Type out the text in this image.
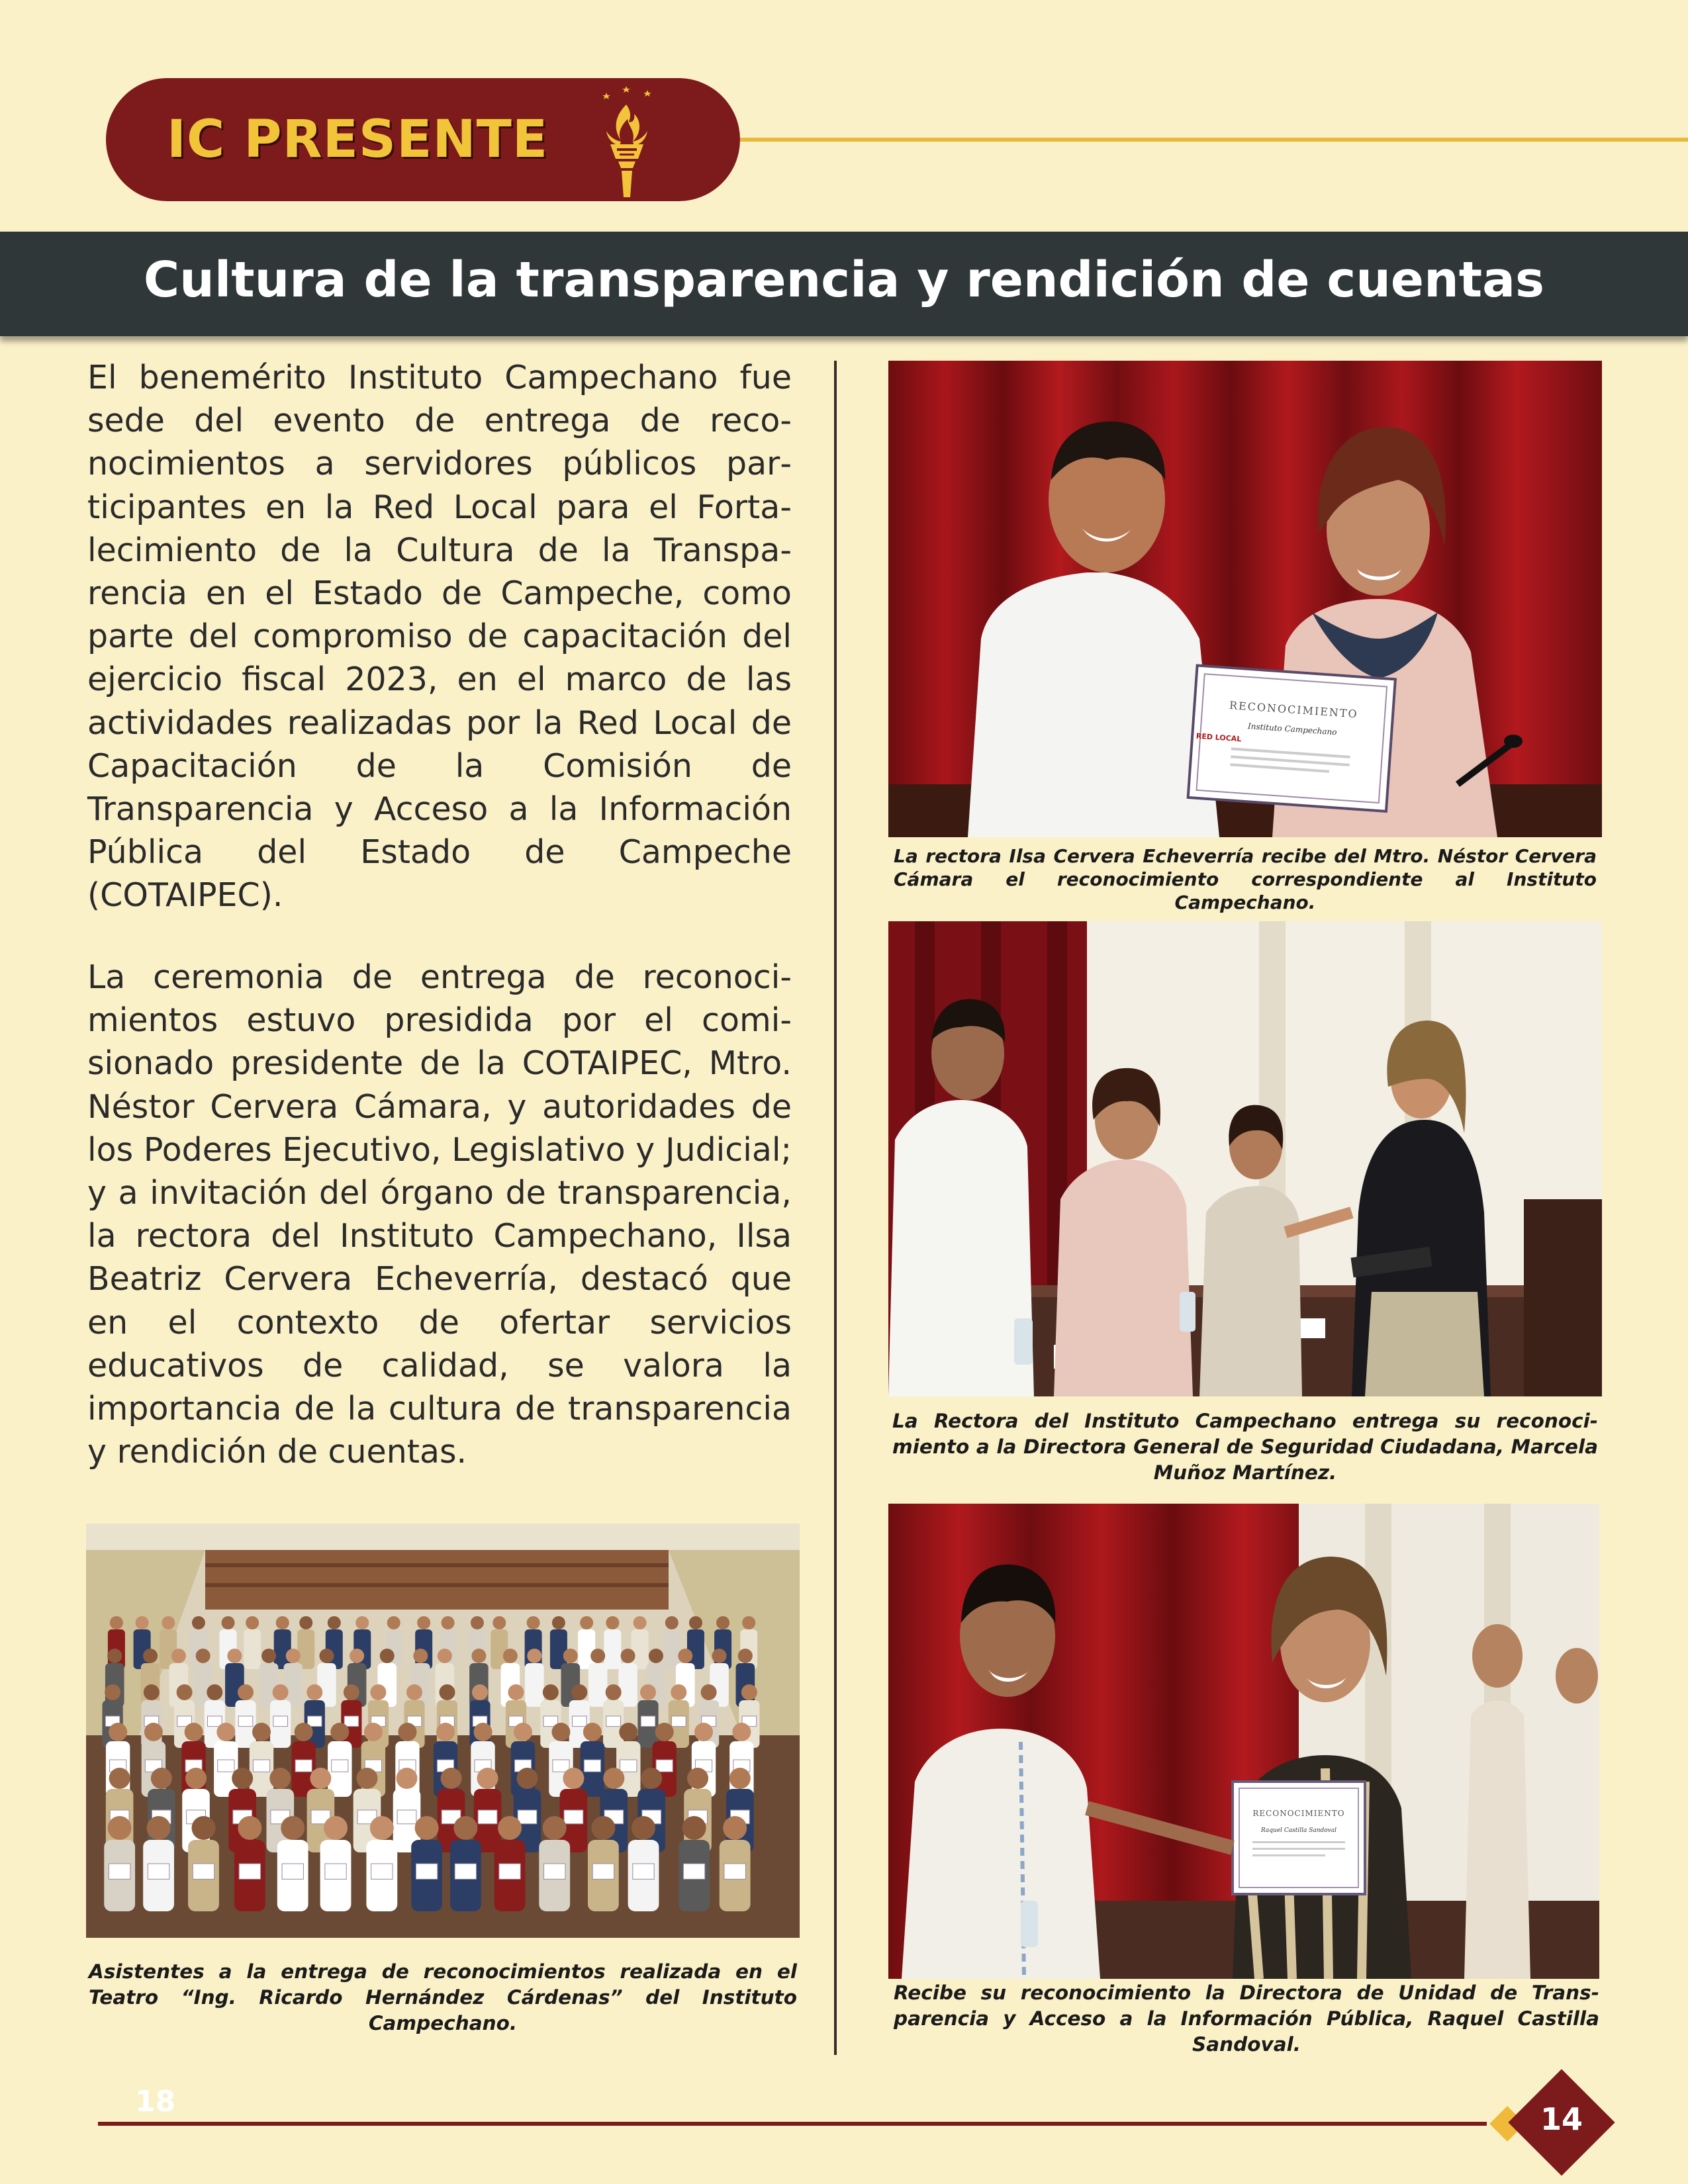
IC PRESENTE
Cultura de la transparencia y rendición de cuentas

El benemérito Instituto Campechano fue sede del evento de entrega de reconocimientos a servidores públicos participantes en la Red Local para el Fortalecimiento de la Cultura de la Transparencia en el Estado de Campeche, como parte del compromiso de capacitación del ejercicio fiscal 2023, en el marco de las actividades realizadas por la Red Local de Capacitación de la Comisión de Transparencia y Acceso a la Información Pública del Estado de Campeche (COTAIPEC).

La ceremonia de entrega de reconocimientos estuvo presidida por el comisionado presidente de la COTAIPEC, Mtro. Néstor Cervera Cámara, y autoridades de los Poderes Ejecutivo, Legislativo y Judicial; y a invitación del órgano de transparencia, la rectora del Instituto Campechano, Ilsa Beatriz Cervera Echeverría, destacó que en el contexto de ofertar servicios educativos de calidad, se valora la importancia de la cultura de transparencia y rendición de cuentas.

RECONOCIMIENTO
Instituto Campechano
RED LOCAL

La rectora Ilsa Cervera Echeverría recibe del Mtro. Néstor Cervera Cámara el reconocimiento correspondiente al Instituto Campechano.

La Rectora del Instituto Campechano entrega su reconocimiento a la Directora General de Seguridad Ciudadana, Marcela Muñoz Martínez.

RECONOCIMIENTO
Raquel Castilla Sandoval

Recibe su reconocimiento la Directora de Unidad de Transparencia y Acceso a la Información Pública, Raquel Castilla Sandoval.

Asistentes a la entrega de reconocimientos realizada en el Teatro “Ing. Ricardo Hernández Cárdenas” del Instituto Campechano.

18	14
